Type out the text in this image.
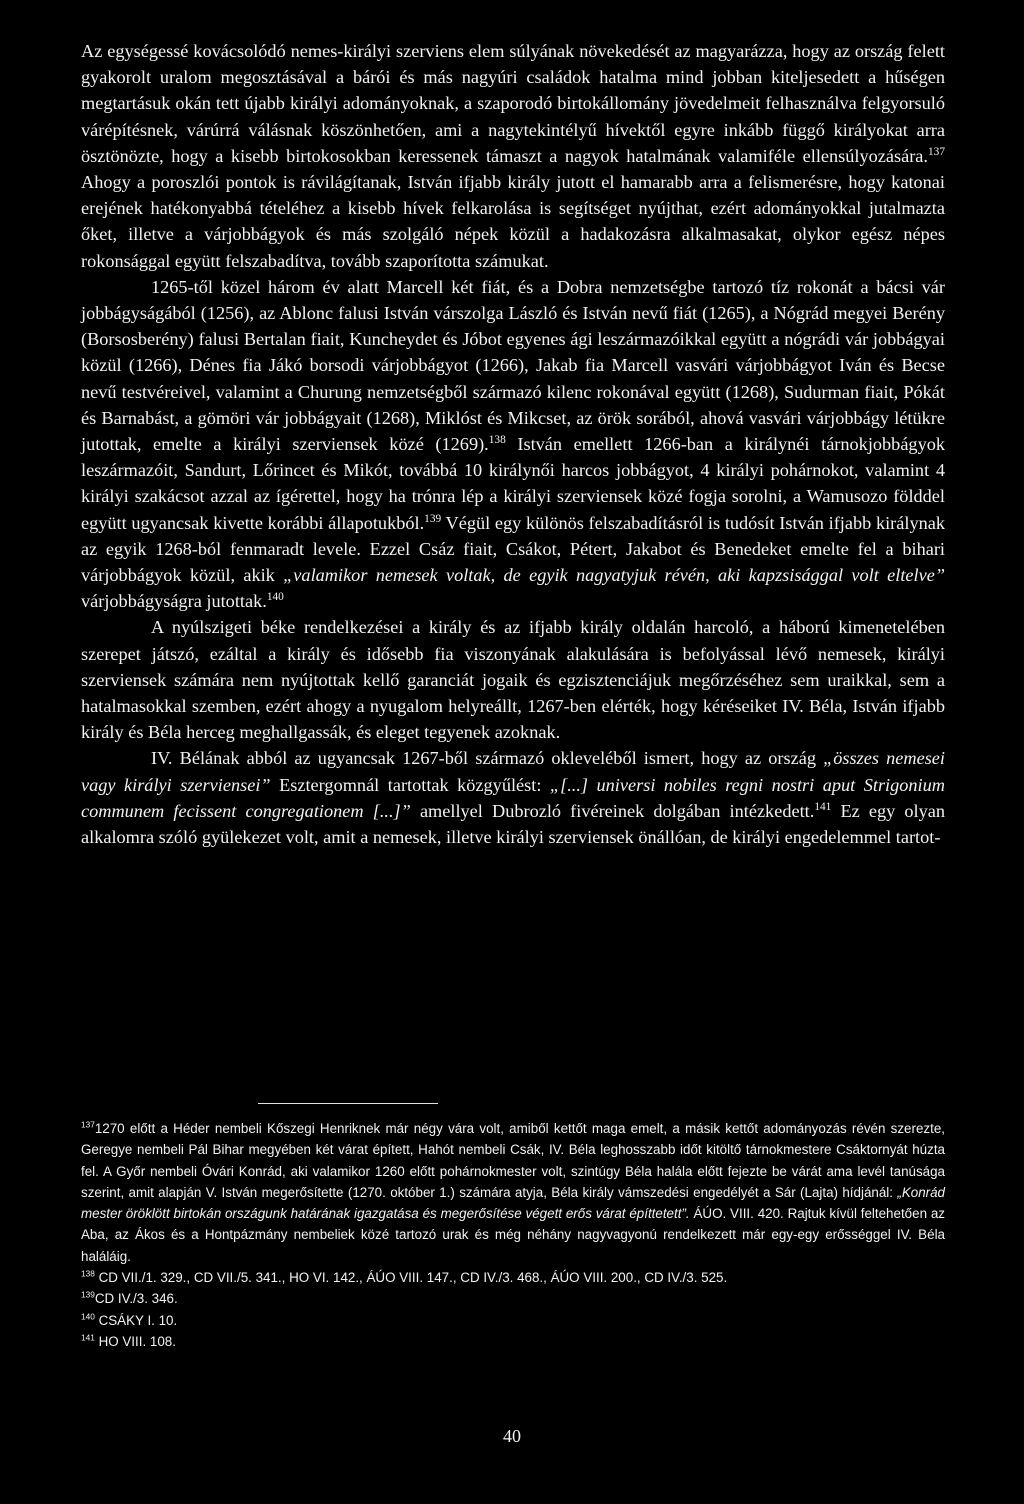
Az egységessé kovácsolódó nemes-királyi szerviens elem súlyának növekedését az magyarázza, hogy az ország felett gyakorolt uralom megosztásával a bárói és más nagyúri családok hatalma mind jobban kiteljesedett a hűségen megtartásuk okán tett újabb királyi adományoknak, a szaporodó birtokállomány jövedelmeit felhasználva felgyorsuló várépítésnek, várúrrá válásnak köszönhetően, ami a nagytekintélyű hívektől egyre inkább függő királyokat arra ösztönözte, hogy a kisebb birtokosokban keressenek támaszt a nagyok hatalmának valamiféle ellensúlyozására.$^{137}$ Ahogy a poroszlói pontok is rávilágítanak, István ifjabb király jutott el hamarabb arra a felismerésre, hogy katonai erejének hatékonyabbá tételéhez a kisebb hívek felkarolása is segítséget nyújthat, ezért adományokkal jutalmazta őket, illetve a várjobbágyok és más szolgáló népek közül a hadakozásra alkalmasakat, olykor egész népes rokonsággal együtt felszabadítva, tovább szaporította számukat.

1265-től közel három év alatt Marcell két fiát, és a Dobra nemzetségbe tartozó tíz rokonát a bácsi vár jobbágyságából (1256), az Ablonc falusi István várszolga László és István nevű fiát (1265), a Nógrád megyei Berény (Borsosberény) falusi Bertalan fiait, Kuncheydet és Jóbot egyenes ági leszármazóikkal együtt a nógrádi vár jobbágyai közül (1266), Dénes fia Jákó borsodi várjobbágyot (1266), Jakab fia Marcell vasvári várjobbágyot Iván és Becse nevű testvéreivel, valamint a Churung nemzetségből származó kilenc rokonával együtt (1268), Sudurman fiait, Pókát és Barnabást, a gömöri vár jobbágyait (1268), Miklóst és Mikcset, az örök sorából, ahová vasvári várjobbágy létükre jutottak, emelte a királyi szerviensek közé (1269).$^{138}$ István emellett 1266-ban a királynéi tárnokjobbágyok leszármazóit, Sandurt, Lőrincet és Mikót, továbbá 10 királynői harcos jobbágyot, 4 királyi pohárnokot, valamint 4 királyi szakácsot azzal az ígérettel, hogy ha trónra lép a királyi szerviensek közé fogja sorolni, a Wamusozo földdel együtt ugyancsak kivette korábbi állapotukból.$^{139}$ Végül egy különös felszabadításról is tudósít István ifjabb királynak az egyik 1268-ból fenmaradt levele. Ezzel Csáz fiait, Csákot, Pétert, Jakabot és Benedeket emelte fel a bihari várjobbágyok közül, akik „valamikor nemesek voltak, de egyik nagyatyjuk révén, aki kapzsisággal volt eltelve” várjobbágyságra jutottak.$^{140}$

A nyúlszigeti béke rendelkezései a király és az ifjabb király oldalán harcoló, a háború kimenetelében szerepet játszó, ezáltal a király és idősebb fia viszonyának alakulására is befolyással lévő nemesek, királyi szerviensek számára nem nyújtottak kellő garanciát jogaik és egzisztenciájuk megőrzéséhez sem uraikkal, sem a hatalmasokkal szemben, ezért ahogy a nyugalom helyreállt, 1267-ben elérték, hogy kéréseiket IV. Béla, István ifjabb király és Béla herceg meghallgassák, és eleget tegyenek azoknak.

IV. Bélának abból az ugyancsak 1267-ből származó okleveléből ismert, hogy az ország „összes nemesei vagy királyi szerviensei” Esztergomnál tartottak közgyűlést: „[...] universi nobiles regni nostri aput Strigonium communem fecissent congregationem [...]” amellyel Dubrozló fivéreinek dolgában intézkedett.$^{141}$ Ez egy olyan alkalomra szóló gyülekezet volt, amit a nemesek, illetve királyi szerviensek önállóan, de királyi engedelemmel tartot-

$^{137}$1270 előtt a Héder nembeli Kőszegi Henriknek már négy vára volt, amiből kettőt maga emelt, a másik kettőt adományozás révén szerezte, Geregye nembeli Pál Bihar megyében két várat épített, Hahót nembeli Csák, IV. Béla leghosszabb időt kitöltő tárnokmestere Csáktornyát húzta fel. A Győr nembeli Óvári Konrád, aki valamikor 1260 előtt pohárnokmester volt, szintúgy Béla halála előtt fejezte be várát ama levél tanúsága szerint, amit alapján V. István megerősítette (1270. október 1.) számára atyja, Béla király vámszedési engedélyét a Sár (Lajta) hídjánál: „Konrád mester öröklött birtokán országunk határának igazgatása és megerősítése végett erős várat építtetett”. ÁÚO. VIII. 420. Rajtuk kívül feltehetően az Aba, az Ákos és a Hontpázmány nembeliek közé tartozó urak és még néhány nagyvagyonú rendelkezett már egy-egy erősséggel IV. Béla haláláig.

$^{138}$ CD VII./1. 329., CD VII./5. 341., HO VI. 142., ÁÚO VIII. 147., CD IV./3. 468., ÁÚO VIII. 200., CD IV./3. 525.

$^{139}$CD IV./3. 346.

$^{140}$ CSÁKY I. 10.

$^{141}$ HO VIII. 108.

40
